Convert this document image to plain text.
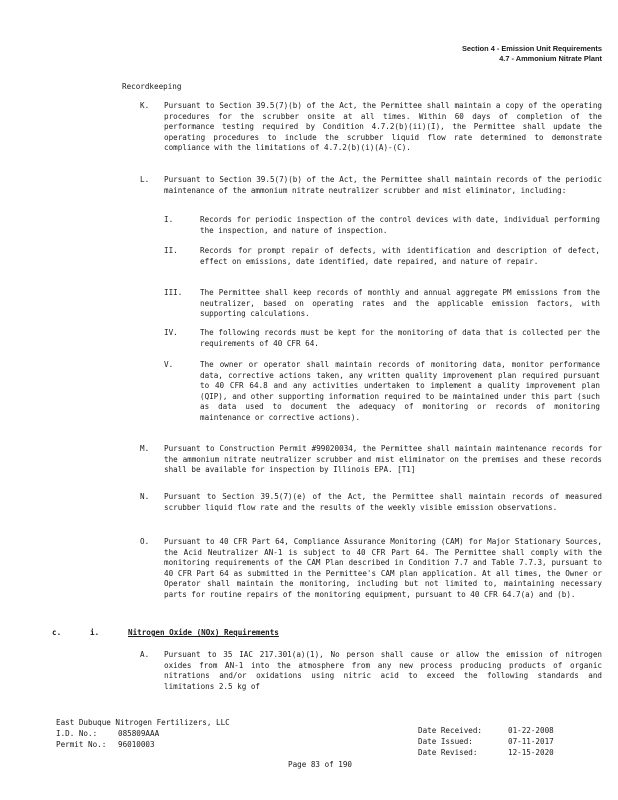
Section 4 - Emission Unit Requirements
4.7 - Ammonium Nitrate Plant
Recordkeeping
K. Pursuant to Section 39.5(7)(b) of the Act, the Permittee shall maintain a copy of the operating procedures for the scrubber onsite at all times. Within 60 days of completion of the performance testing required by Condition 4.7.2(b)(ii)(I), the Permittee shall update the operating procedures to include the scrubber liquid flow rate determined to demonstrate compliance with the limitations of 4.7.2(b)(i)(A)-(C).
L. Pursuant to Section 39.5(7)(b) of the Act, the Permittee shall maintain records of the periodic maintenance of the ammonium nitrate neutralizer scrubber and mist eliminator, including:
I.	Records for periodic inspection of the control devices with date, individual performing the inspection, and nature of inspection.
II.	Records for prompt repair of defects, with identification and description of defect, effect on emissions, date identified, date repaired, and nature of repair.
III. The Permittee shall keep records of monthly and annual aggregate PM emissions from the neutralizer, based on operating rates and the applicable emission factors, with supporting calculations.
IV.	The following records must be kept for the monitoring of data that is collected per the requirements of 40 CFR 64.
V.	The owner or operator shall maintain records of monitoring data, monitor performance data, corrective actions taken, any written quality improvement plan required pursuant to 40 CFR 64.8 and any activities undertaken to implement a quality improvement plan (QIP), and other supporting information required to be maintained under this part (such as data used to document the adequacy of monitoring or records of monitoring maintenance or corrective actions).
M. Pursuant to Construction Permit #99020034, the Permittee shall maintain maintenance records for the ammonium nitrate neutralizer scrubber and mist eliminator on the premises and these records shall be available for inspection by Illinois EPA. [T1]
N. Pursuant to Section 39.5(7)(e) of the Act, the Permittee shall maintain records of measured scrubber liquid flow rate and the results of the weekly visible emission observations.
O. Pursuant to 40 CFR Part 64, Compliance Assurance Monitoring (CAM) for Major Stationary Sources, the Acid Neutralizer AN-1 is subject to 40 CFR Part 64. The Permittee shall comply with the monitoring requirements of the CAM Plan described in Condition 7.7 and Table 7.7.3, pursuant to 40 CFR Part 64 as submitted in the Permittee's CAM plan application. At all times, the Owner or Operator shall maintain the monitoring, including but not limited to, maintaining necessary parts for routine repairs of the monitoring equipment, pursuant to 40 CFR 64.7(a) and (b).
c.	i.	Nitrogen Oxide (NOx) Requirements
A. Pursuant to 35 IAC 217.301(a)(1), No person shall cause or allow the emission of nitrogen oxides from AN-1 into the atmosphere from any new process producing products of organic nitrations and/or oxidations using nitric acid to exceed the following standards and limitations 2.5 kg of
East Dubuque Nitrogen Fertilizers, LLC
I.D. No.:	085809AAA
Permit No.: 96010003
Date Received:	01-22-2008
Date Issued:	07-11-2017
Date Revised:	12-15-2020
Page 83 of 190
